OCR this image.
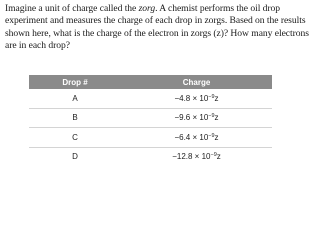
Imagine a unit of charge called the zorg. A chemist performs the oil drop experiment and measures the charge of each drop in zorgs. Based on the results shown here, what is the charge of the electron in zorgs (z)? How many electrons are in each drop?
Drop #	Charge
A	$-4.8 \times 10^{-9}z$
B	$-9.6 \times 10^{-9}z$
C	$-6.4 \times 10^{-9}z$
D	$-12.8 \times 10^{-9}z$
